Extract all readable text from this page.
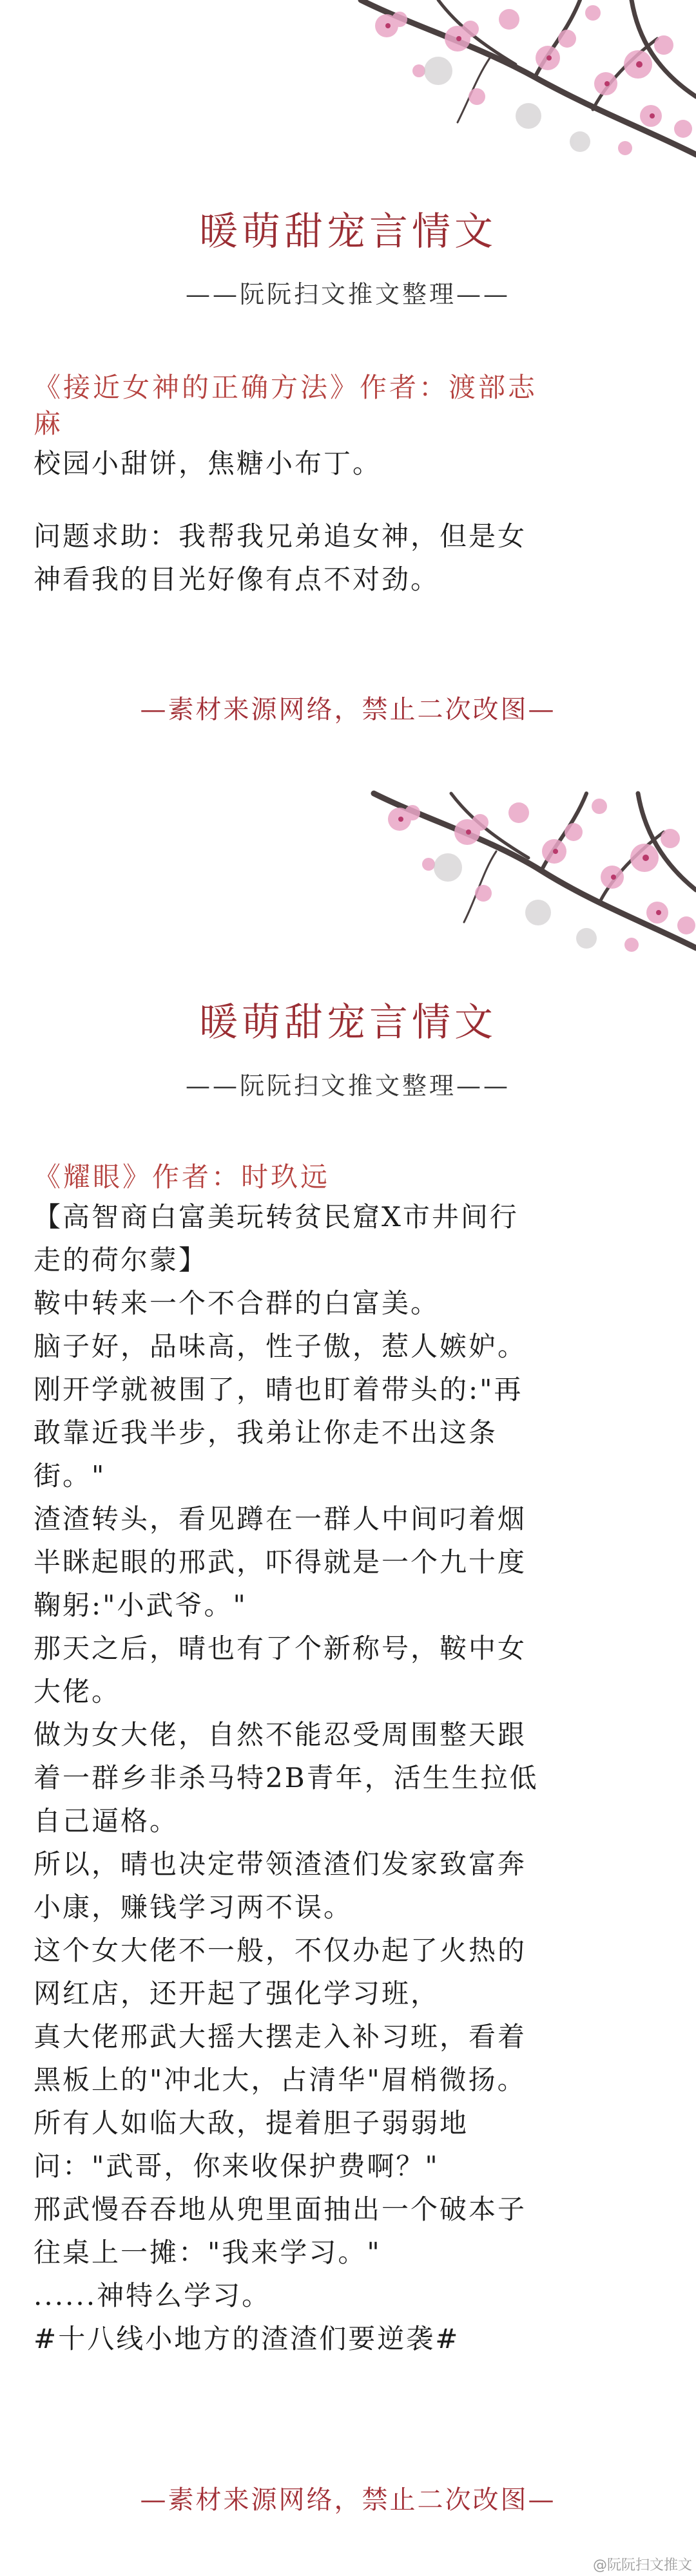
暖萌甜宠言情文
——阮阮扫文推文整理——

《接近女神的正确方法》作者：渡部志

麻

校园小甜饼，焦糖小布丁。

问题求助：我帮我兄弟追女神，但是女

神看我的目光好像有点不对劲。

—素材来源网络，禁止二次改图—
暖萌甜宠言情文
——阮阮扫文推文整理——

《耀眼》作者：时玖远

【高智商白富美玩转贫民窟X市井间行

走的荷尔蒙】

鞍中转来一个不合群的白富美。

脑子好，品味高，性子傲，惹人嫉妒。

刚开学就被围了，晴也盯着带头的:"再

敢靠近我半步，我弟让你走不出这条

街。"

渣渣转头，看见蹲在一群人中间叼着烟

半眯起眼的邢武，吓得就是一个九十度

鞠躬:"小武爷。"

那天之后，晴也有了个新称号，鞍中女

大佬。

做为女大佬，自然不能忍受周围整天跟

着一群乡非杀马特2B青年，活生生拉低

自己逼格。

所以，晴也决定带领渣渣们发家致富奔

小康，赚钱学习两不误。

这个女大佬不一般，不仅办起了火热的

网红店，还开起了强化学习班，

真大佬邢武大摇大摆走入补习班，看着

黑板上的"冲北大，占清华"眉梢微扬。

所有人如临大敌，提着胆子弱弱地

问："武哥，你来收保护费啊？"

邢武慢吞吞地从兜里面抽出一个破本子

往桌上一摊："我来学习。"

......神特么学习。

#十八线小地方的渣渣们要逆袭#

—素材来源网络，禁止二次改图—
@阮阮扫文推文
